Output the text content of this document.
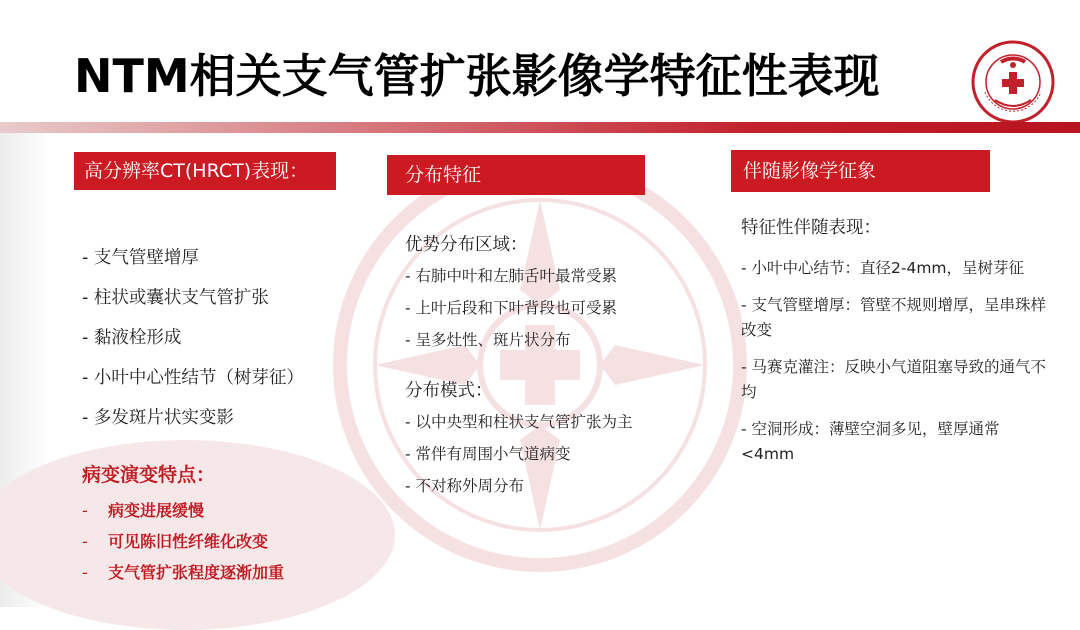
NTM相关支气管扩张影像学特征性表现
高分辨率CT(HRCT)表现：
- 支气管壁增厚
- 柱状或囊状支气管扩张
- 黏液栓形成
- 小叶中心性结节（树芽征）
- 多发斑片状实变影
病变演变特点：
- 病变进展缓慢
- 可见陈旧性纤维化改变
- 支气管扩张程度逐渐加重
分布特征
优势分布区域：
- 右肺中叶和左肺舌叶最常受累
- 上叶后段和下叶背段也可受累
- 呈多灶性、斑片状分布
分布模式：
- 以中央型和柱状支气管扩张为主
- 常伴有周围小气道病变
- 不对称外周分布
伴随影像学征象
特征性伴随表现：
- 小叶中心结节：直径2-4mm，呈树芽征
- 支气管壁增厚：管壁不规则增厚，呈串珠样改变
- 马赛克灌注：反映小气道阻塞导致的通气不均
- 空洞形成：薄壁空洞多见，壁厚通常<4mm
